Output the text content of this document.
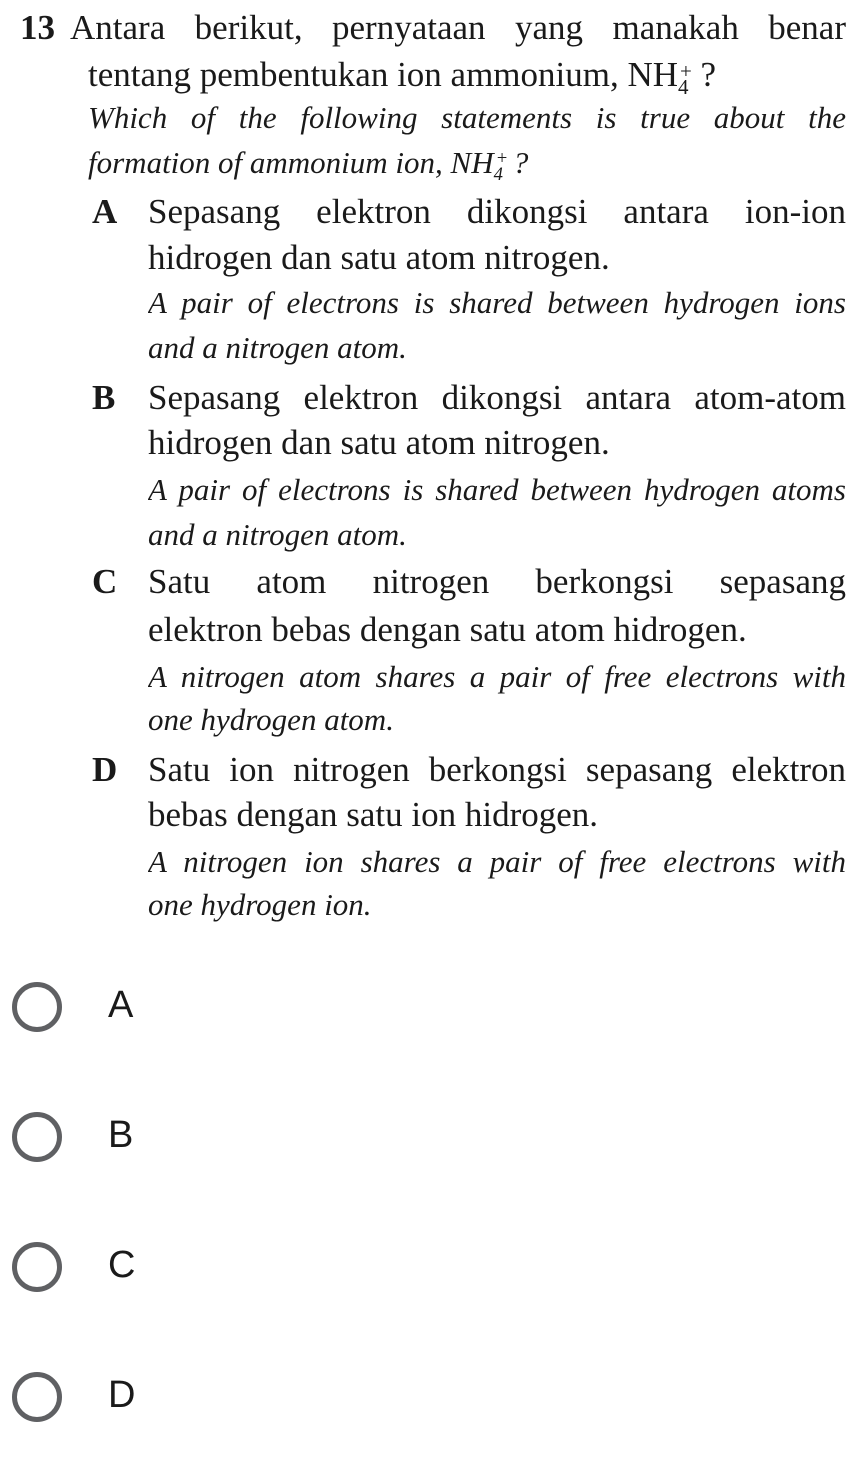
13 Antara berikut, pernyataan yang manakah benar
tentang pembentukan ion ammonium, $NH_4$
+ ?
Which of the following statements is true about the
formation of ammonium ion, $NH_4$
+ ?
A Sepasang elektron dikongsi antara ion-ion
hidrogen dan satu atom nitrogen.
A pair of electrons is shared between hydrogen ions
and a nitrogen atom.
B Sepasang elektron dikongsi antara atom-atom
hidrogen dan satu atom nitrogen.
A pair of electrons is shared between hydrogen atoms
and a nitrogen atom.
C Satu atom nitrogen berkongsi sepasang
elektron bebas dengan satu atom hidrogen.
A nitrogen atom shares a pair of free electrons with
one hydrogen atom.
D Satu ion nitrogen berkongsi sepasang elektron
bebas dengan satu ion hidrogen.
A nitrogen ion shares a pair of free electrons with
one hydrogen ion.
A
B
C
D
